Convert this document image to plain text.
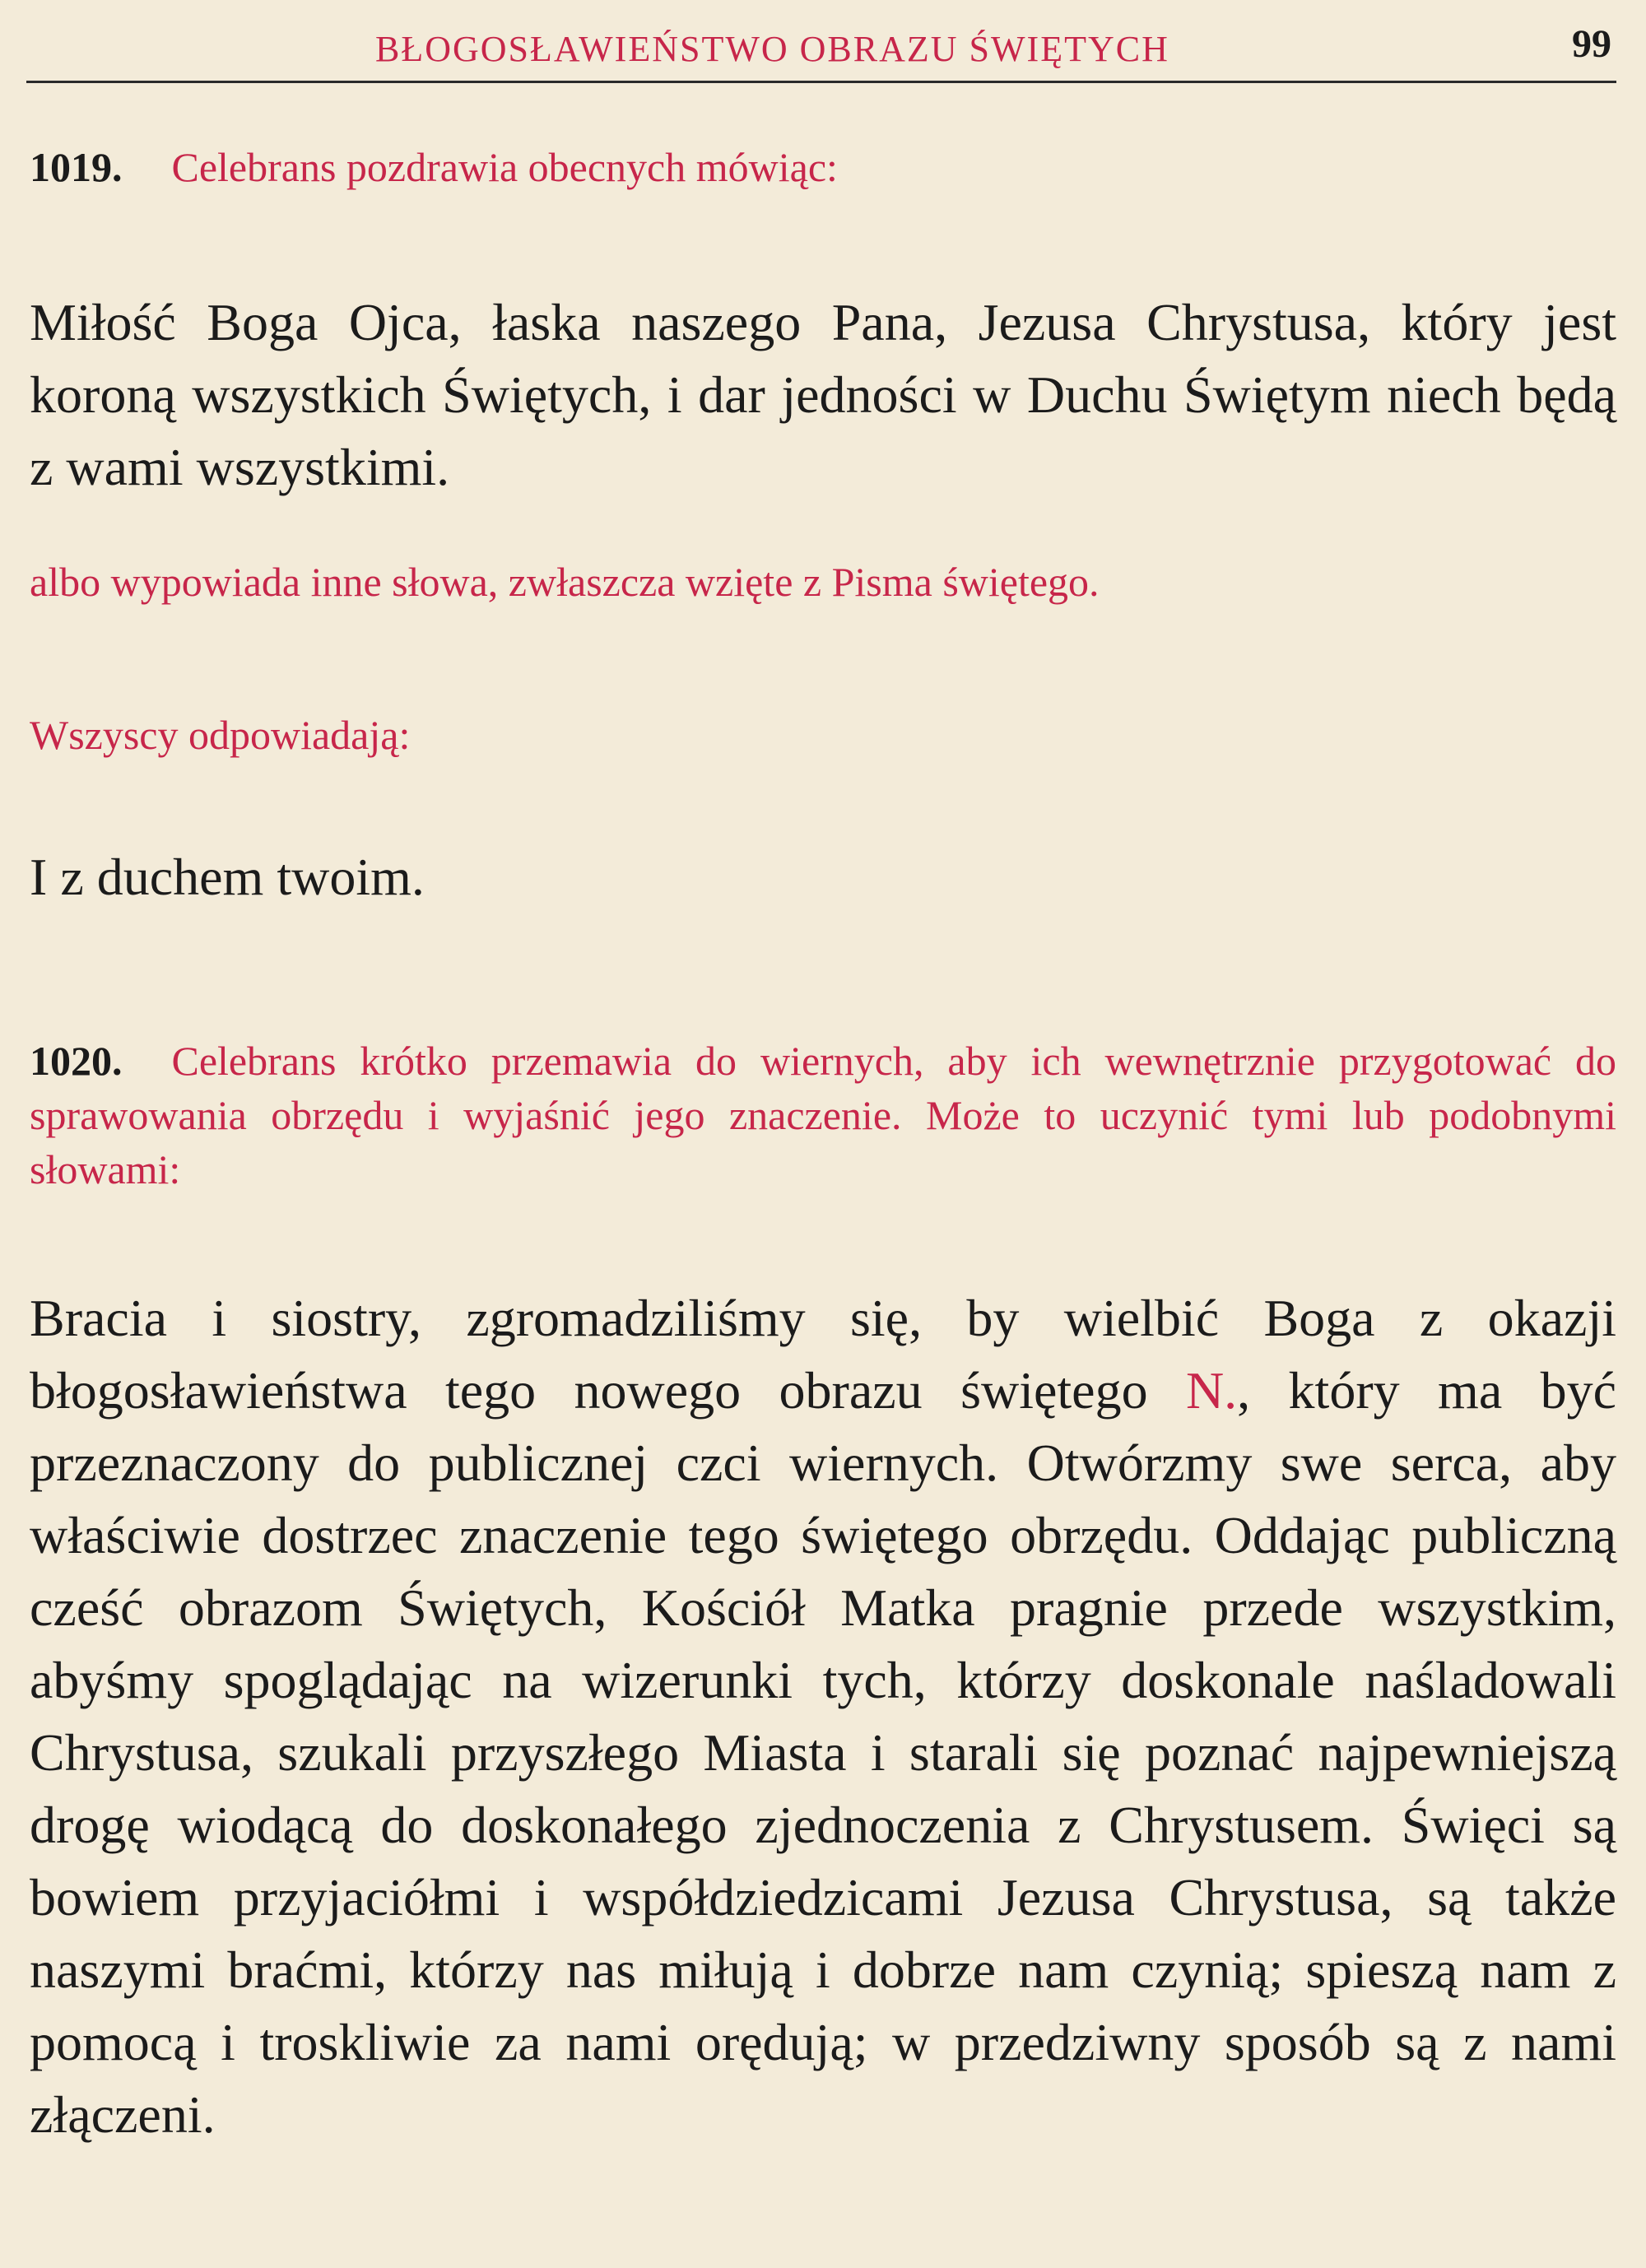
BŁOGOSŁAWIEŃSTWO OBRAZU ŚWIĘTYCH	99
1019. Celebrans pozdrawia obecnych mówiąc:
Miłość Boga Ojca, łaska naszego Pana, Jezusa Chrystusa, który jest koroną wszystkich Świętych, i dar jedności w Duchu Świętym niech będą z wami wszystkimi.
albo wypowiada inne słowa, zwłaszcza wzięte z Pisma świętego.
Wszyscy odpowiadają:
I z duchem twoim.
1020. Celebrans krótko przemawia do wiernych, aby ich wewnętrznie przygotować do sprawowania obrzędu i wyjaśnić jego znaczenie. Może to uczynić tymi lub podobnymi słowami:
Bracia i siostry, zgromadziliśmy się, by wielbić Boga z okazji błogosławieństwa tego nowego obrazu świętego N., który ma być przeznaczony do publicznej czci wiernych. Otwórzmy swe serca, aby właściwie dostrzec znaczenie tego świętego obrzędu. Oddając publiczną cześć obrazom Świętych, Kościół Matka pragnie przede wszystkim, abyśmy spoglądając na wizerunki tych, którzy doskonale naśladowali Chrystusa, szukali przyszłego Miasta i starali się poznać najpewniejszą drogę wiodącą do doskonałego zjednoczenia z Chrystusem. Święci są bowiem przyjaciółmi i współdziedzicami Jezusa Chrystusa, są także naszymi braćmi, którzy nas miłują i dobrze nam czynią; spieszą nam z pomocą i troskliwie za nami orędują; w przedziwny sposób są z nami złączeni.
